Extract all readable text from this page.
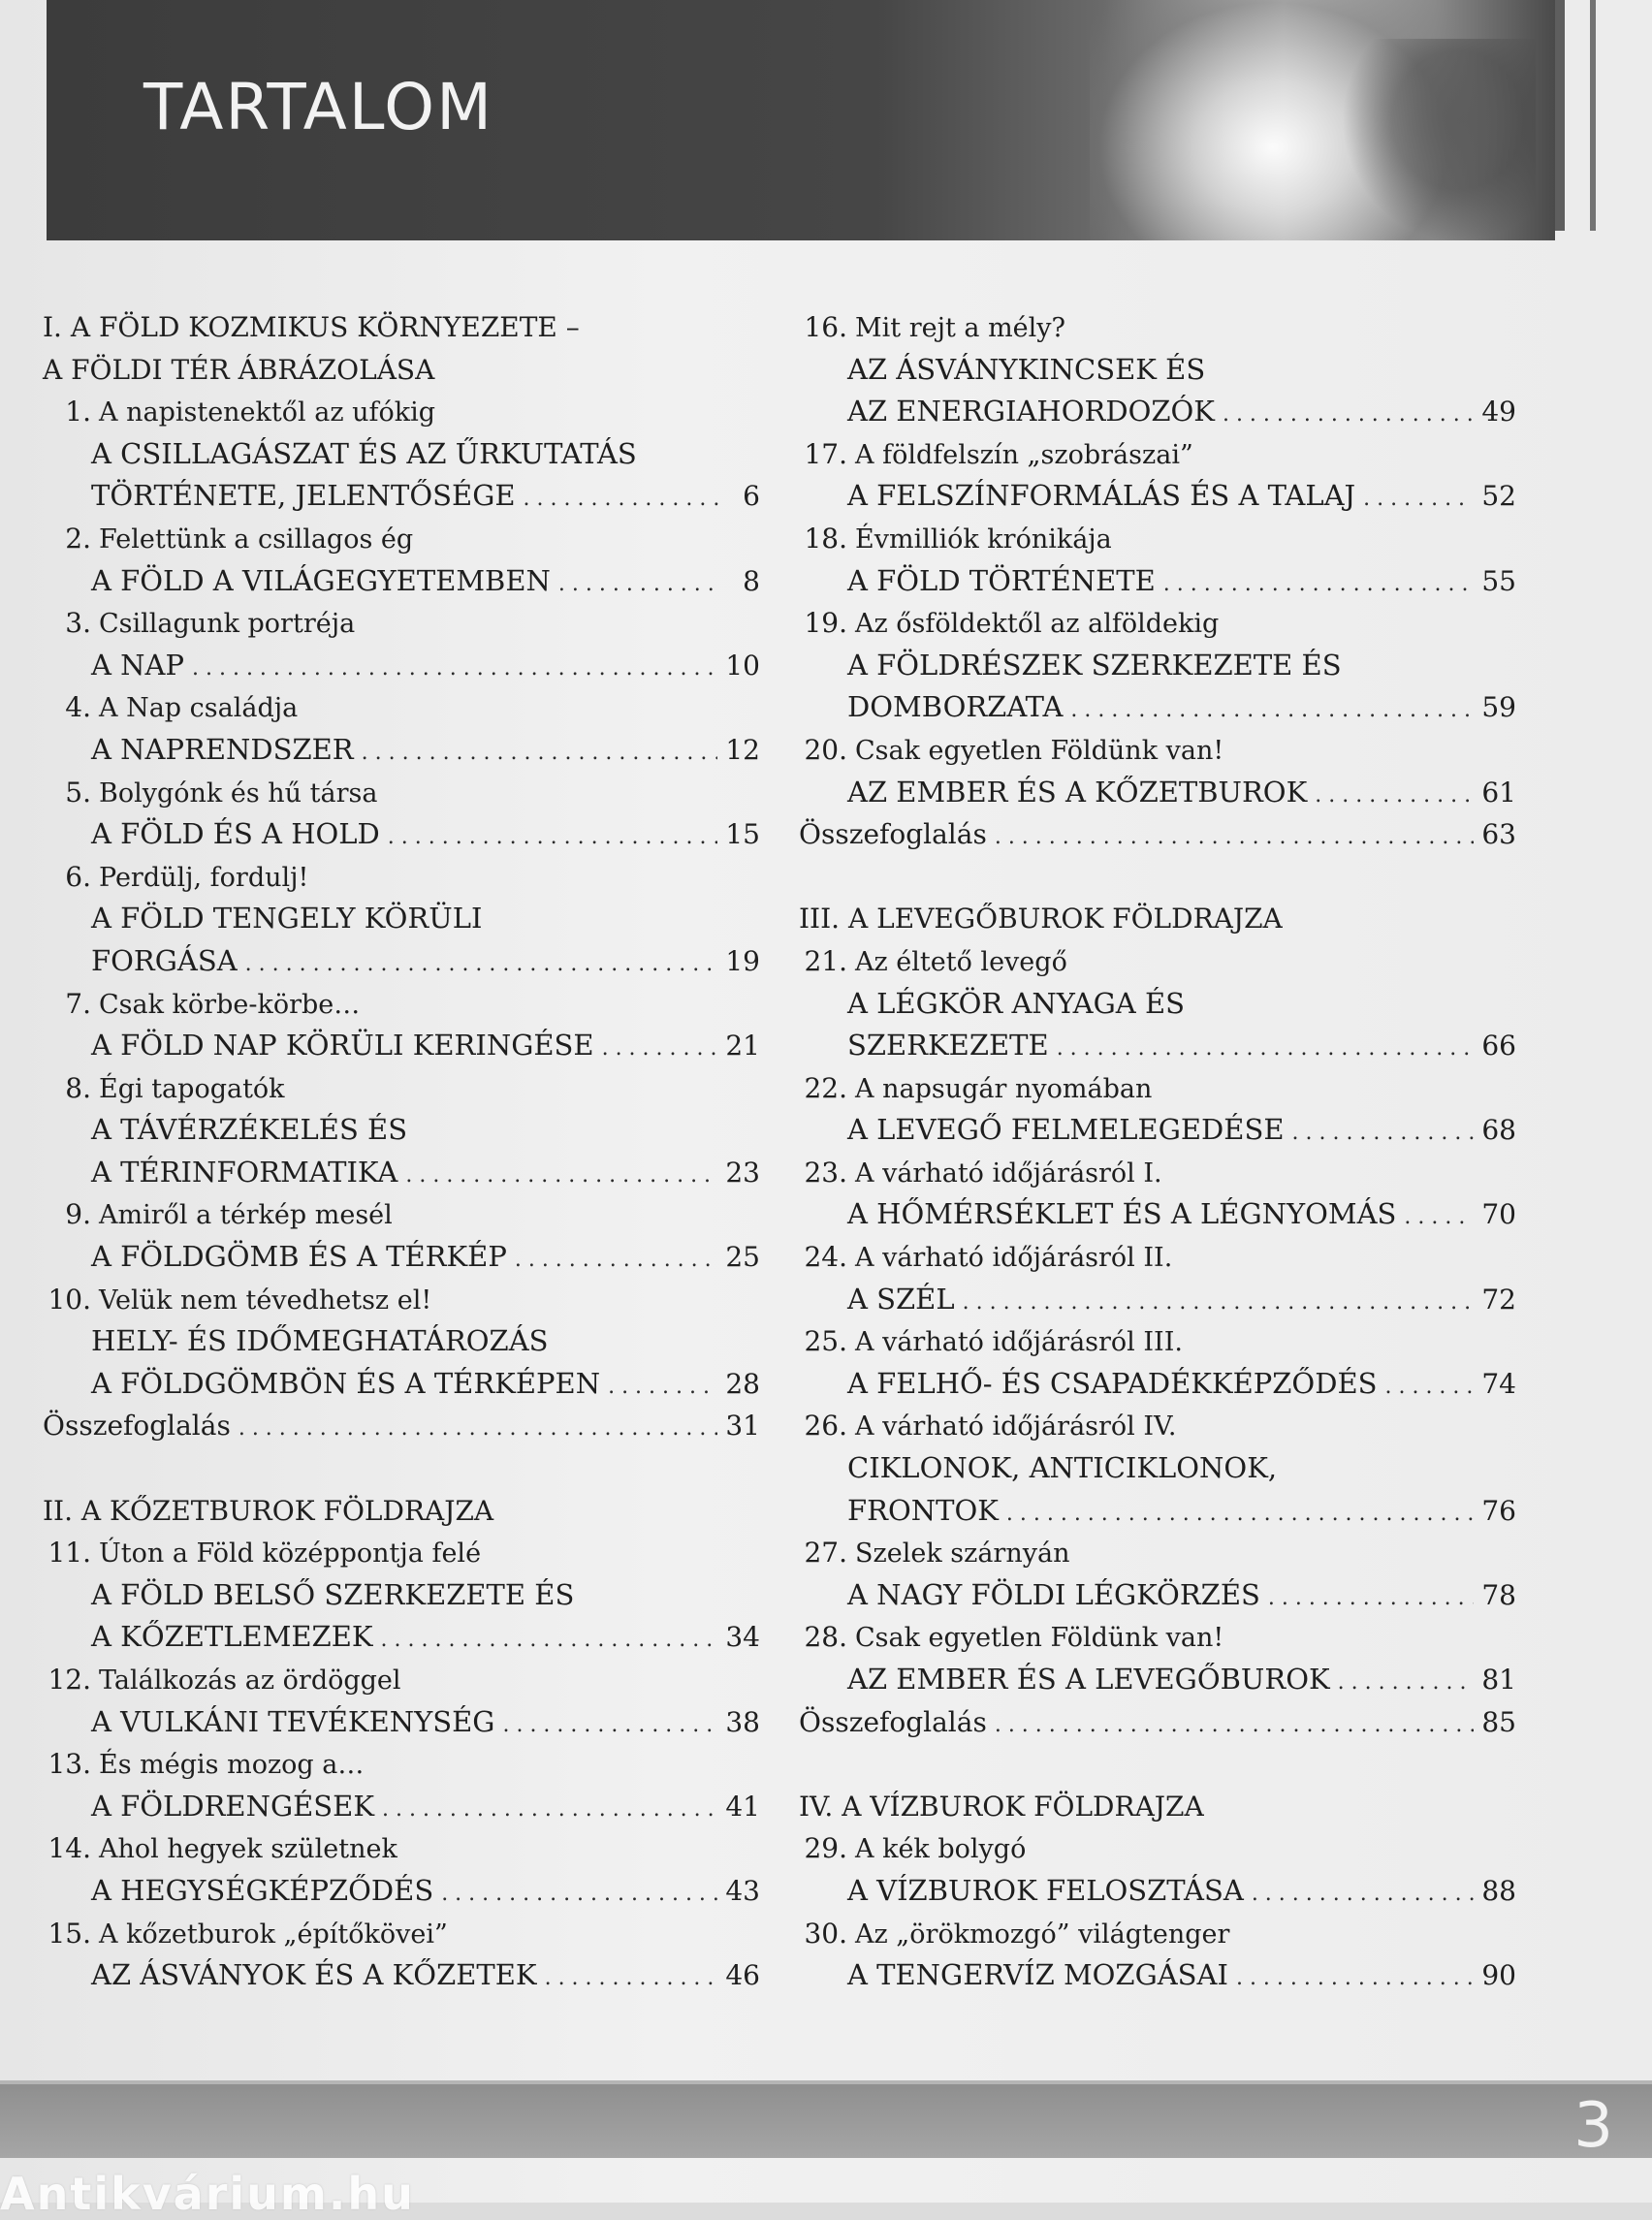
TARTALOM
I. A FÖLD KOZMIKUS KÖRNYEZETE –
A FÖLDI TÉR ÁBRÁZOLÁSA
1. A napistenektől az ufókig
A CSILLAGÁSZAT ÉS AZ ŰRKUTATÁS
TÖRTÉNETE, JELENTŐSÉGE . . .	6
2. Felettünk a csillagos ég
A FÖLD A VILÁGEGYETEMBEN . . .	8
3. Csillagunk portréja
A NAP . . .	10
4. A Nap családja
A NAPRENDSZER . . .	12
5. Bolygónk és hű társa
A FÖLD ÉS A HOLD . . .	15
6. Perdülj, fordulj!
A FÖLD TENGELY KÖRÜLI
FORGÁSA . . .	19
7. Csak körbe-körbe…
A FÖLD NAP KÖRÜLI KERINGÉSE . . .	21
8. Égi tapogatók
A TÁVÉRZÉKELÉS ÉS
A TÉRINFORMATIKA . . .	23
9. Amiről a térkép mesél
A FÖLDGÖMB ÉS A TÉRKÉP . . .	25
10. Velük nem tévedhetsz el!
HELY- ÉS IDŐMEGHATÁROZÁS
A FÖLDGÖMBÖN ÉS A TÉRKÉPEN . . .	28
Összefoglalás . . .	31
II. A KŐZETBUROK FÖLDRAJZA
11. Úton a Föld középpontja felé
A FÖLD BELSŐ SZERKEZETE ÉS
A KŐZETLEMEZEK . . .	34
12. Találkozás az ördöggel
A VULKÁNI TEVÉKENYSÉG . . .	38
13. És mégis mozog a…
A FÖLDRENGÉSEK . . .	41
14. Ahol hegyek születnek
A HEGYSÉGKÉPZŐDÉS . . .	43
15. A kőzetburok „építőkövei”
AZ ÁSVÁNYOK ÉS A KŐZETEK . . .	46
16. Mit rejt a mély?
AZ ÁSVÁNYKINCSEK ÉS
AZ ENERGIAHORDOZÓK . . .	49
17. A földfelszín „szobrászai”
A FELSZÍNFORMÁLÁS ÉS A TALAJ . . .	52
18. Évmilliók krónikája
A FÖLD TÖRTÉNETE . . .	55
19. Az ősföldektől az alföldekig
A FÖLDRÉSZEK SZERKEZETE ÉS
DOMBORZATA . . .	59
20. Csak egyetlen Földünk van!
AZ EMBER ÉS A KŐZETBUROK . . .	61
Összefoglalás . . .	63
III. A LEVEGŐBUROK FÖLDRAJZA
21. Az éltető levegő
A LÉGKÖR ANYAGA ÉS
SZERKEZETE . . .	66
22. A napsugár nyomában
A LEVEGŐ FELMELEGEDÉSE . . .	68
23. A várható időjárásról I.
A HŐMÉRSÉKLET ÉS A LÉGNYOMÁS . . .	70
24. A várható időjárásról II.
A SZÉL . . .	72
25. A várható időjárásról III.
A FELHŐ- ÉS CSAPADÉKKÉPZŐDÉS . . .	74
26. A várható időjárásról IV.
CIKLONOK, ANTICIKLONOK,
FRONTOK . . .	76
27. Szelek szárnyán
A NAGY FÖLDI LÉGKÖRZÉS . . .	78
28. Csak egyetlen Földünk van!
AZ EMBER ÉS A LEVEGŐBUROK . . .	81
Összefoglalás . . .	85
IV. A VÍZBUROK FÖLDRAJZA
29. A kék bolygó
A VÍZBUROK FELOSZTÁSA . . .	88
30. Az „örökmozgó” világtenger
A TENGERVÍZ MOZGÁSAI . . .	90
3
Antikvárium.hu
